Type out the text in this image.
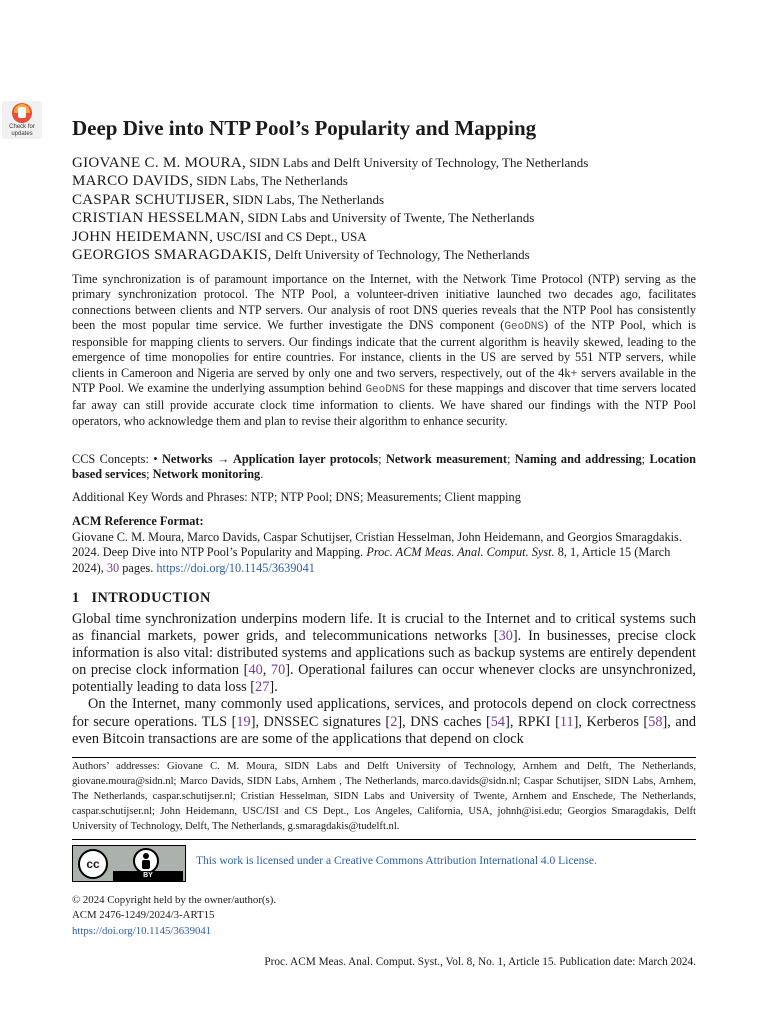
Check for updates	Deep Dive into NTP Pool’s Popularity and Mapping
GIOVANE C. M. MOURA, SIDN Labs and Delft University of Technology, The Netherlands
MARCO DAVIDS, SIDN Labs, The Netherlands
CASPAR SCHUTIJSER, SIDN Labs, The Netherlands
CRISTIAN HESSELMAN, SIDN Labs and University of Twente, The Netherlands
JOHN HEIDEMANN, USC/ISI and CS Dept., USA
GEORGIOS SMARAGDAKIS, Delft University of Technology, The Netherlands
Time synchronization is of paramount importance on the Internet, with the Network Time Protocol (NTP) serving as the primary synchronization protocol. The NTP Pool, a volunteer-driven initiative launched two decades ago, facilitates connections between clients and NTP servers. Our analysis of root DNS queries reveals that the NTP Pool has consistently been the most popular time service. We further investigate the DNS component (GeoDNS) of the NTP Pool, which is responsible for mapping clients to servers. Our findings indicate that the current algorithm is heavily skewed, leading to the emergence of time monopolies for entire countries. For instance, clients in the US are served by 551 NTP servers, while clients in Cameroon and Nigeria are served by only one and two servers, respectively, out of the 4k+ servers available in the NTP Pool. We examine the underlying assumption behind GeoDNS for these mappings and discover that time servers located far away can still provide accurate clock time information to clients. We have shared our findings with the NTP Pool operators, who acknowledge them and plan to revise their algorithm to enhance security.
CCS Concepts: • Networks → Application layer protocols; Network measurement; Naming and addressing; Location based services; Network monitoring.
Additional Key Words and Phrases: NTP; NTP Pool; DNS; Measurements; Client mapping
ACM Reference Format:
Giovane C. M. Moura, Marco Davids, Caspar Schutijser, Cristian Hesselman, John Heidemann, and Georgios Smaragdakis. 2024. Deep Dive into NTP Pool’s Popularity and Mapping. Proc. ACM Meas. Anal. Comput. Syst. 8, 1, Article 15 (March 2024), 30 pages. https://doi.org/10.1145/3639041
1 INTRODUCTION

Global time synchronization underpins modern life. It is crucial to the Internet and to critical systems such as financial markets, power grids, and telecommunications networks [30]. In businesses, precise clock information is also vital: distributed systems and applications such as backup systems are entirely dependent on precise clock information [40, 70]. Operational failures can occur whenever clocks are unsynchronized, potentially leading to data loss [27].

On the Internet, many commonly used applications, services, and protocols depend on clock correctness for secure operations. TLS [19], DNSSEC signatures [2], DNS caches [54], RPKI [11], Kerberos [58], and even Bitcoin transactions are are some of the applications that depend on clock

Authors’ addresses: Giovane C. M. Moura, SIDN Labs and Delft University of Technology, Arnhem and Delft, The Netherlands, giovane.moura@sidn.nl; Marco Davids, SIDN Labs, Arnhem , The Netherlands, marco.davids@sidn.nl; Caspar Schutijser, SIDN Labs, Arnhem, The Netherlands, caspar.schutijser.nl; Cristian Hesselman, SIDN Labs and University of Twente, Arnhem and Enschede, The Netherlands, caspar.schutijser.nl; John Heidemann, USC/ISI and CS Dept., Los Angeles, California, USA, johnh@isi.edu; Georgios Smaragdakis, Delft University of Technology, Delft, The Netherlands, g.smaragdakis@tudelft.nl.
cc
BY
This work is licensed under a Creative Commons Attribution International 4.0 License.
© 2024 Copyright held by the owner/author(s).
ACM 2476-1249/2024/3-ART15
https://doi.org/10.1145/3639041
Proc. ACM Meas. Anal. Comput. Syst., Vol. 8, No. 1, Article 15. Publication date: March 2024.
